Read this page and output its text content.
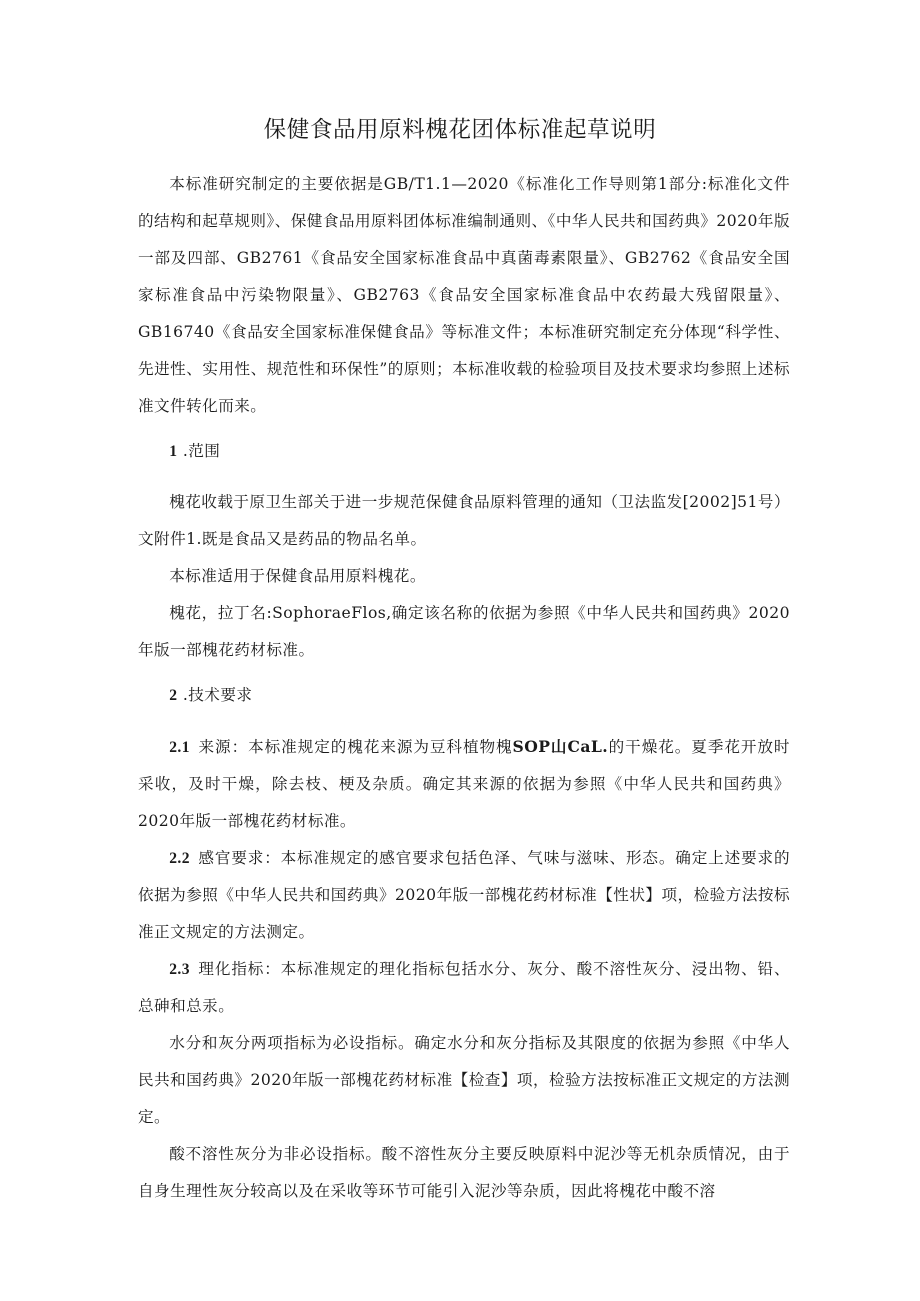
保健食品用原料槐花团体标准起草说明

本标准研究制定的主要依据是GB/T1.1—2020《标准化工作导则第1部分:标准化文件的结构和起草规则》、保健食品用原料团体标准编制通则、《中华人民共和国药典》2020年版一部及四部、GB2761《食品安全国家标准食品中真菌毒素限量》、GB2762《食品安全国家标准食品中污染物限量》、GB2763《食品安全国家标准食品中农药最大残留限量》、GB16740《食品安全国家标准保健食品》等标准文件；本标准研究制定充分体现“科学性、先进性、实用性、规范性和环保性”的原则；本标准收载的检验项目及技术要求均参照上述标准文件转化而来。

1 .范围

槐花收载于原卫生部关于进一步规范保健食品原料管理的通知（卫法监发[2002]51号）文附件1.既是食品又是药品的物品名单。

本标准适用于保健食品用原料槐花。

槐花，拉丁名:SophoraeFlos,确定该名称的依据为参照《中华人民共和国药典》2020年版一部槐花药材标准。

2 .技术要求

2.1 来源：本标准规定的槐花来源为豆科植物槐SOP山CaL.的干燥花。夏季花开放时采收，及时干燥，除去枝、梗及杂质。确定其来源的依据为参照《中华人民共和国药典》2020年版一部槐花药材标准。

2.2 感官要求：本标准规定的感官要求包括色泽、气味与滋味、形态。确定上述要求的依据为参照《中华人民共和国药典》2020年版一部槐花药材标准【性状】项，检验方法按标准正文规定的方法测定。

2.3 理化指标：本标准规定的理化指标包括水分、灰分、酸不溶性灰分、浸出物、铅、总砷和总汞。

水分和灰分两项指标为必设指标。确定水分和灰分指标及其限度的依据为参照《中华人民共和国药典》2020年版一部槐花药材标准【检查】项，检验方法按标准正文规定的方法测定。

酸不溶性灰分为非必设指标。酸不溶性灰分主要反映原料中泥沙等无机杂质情况，由于自身生理性灰分较高以及在采收等环节可能引入泥沙等杂质，因此将槐花中酸不溶
